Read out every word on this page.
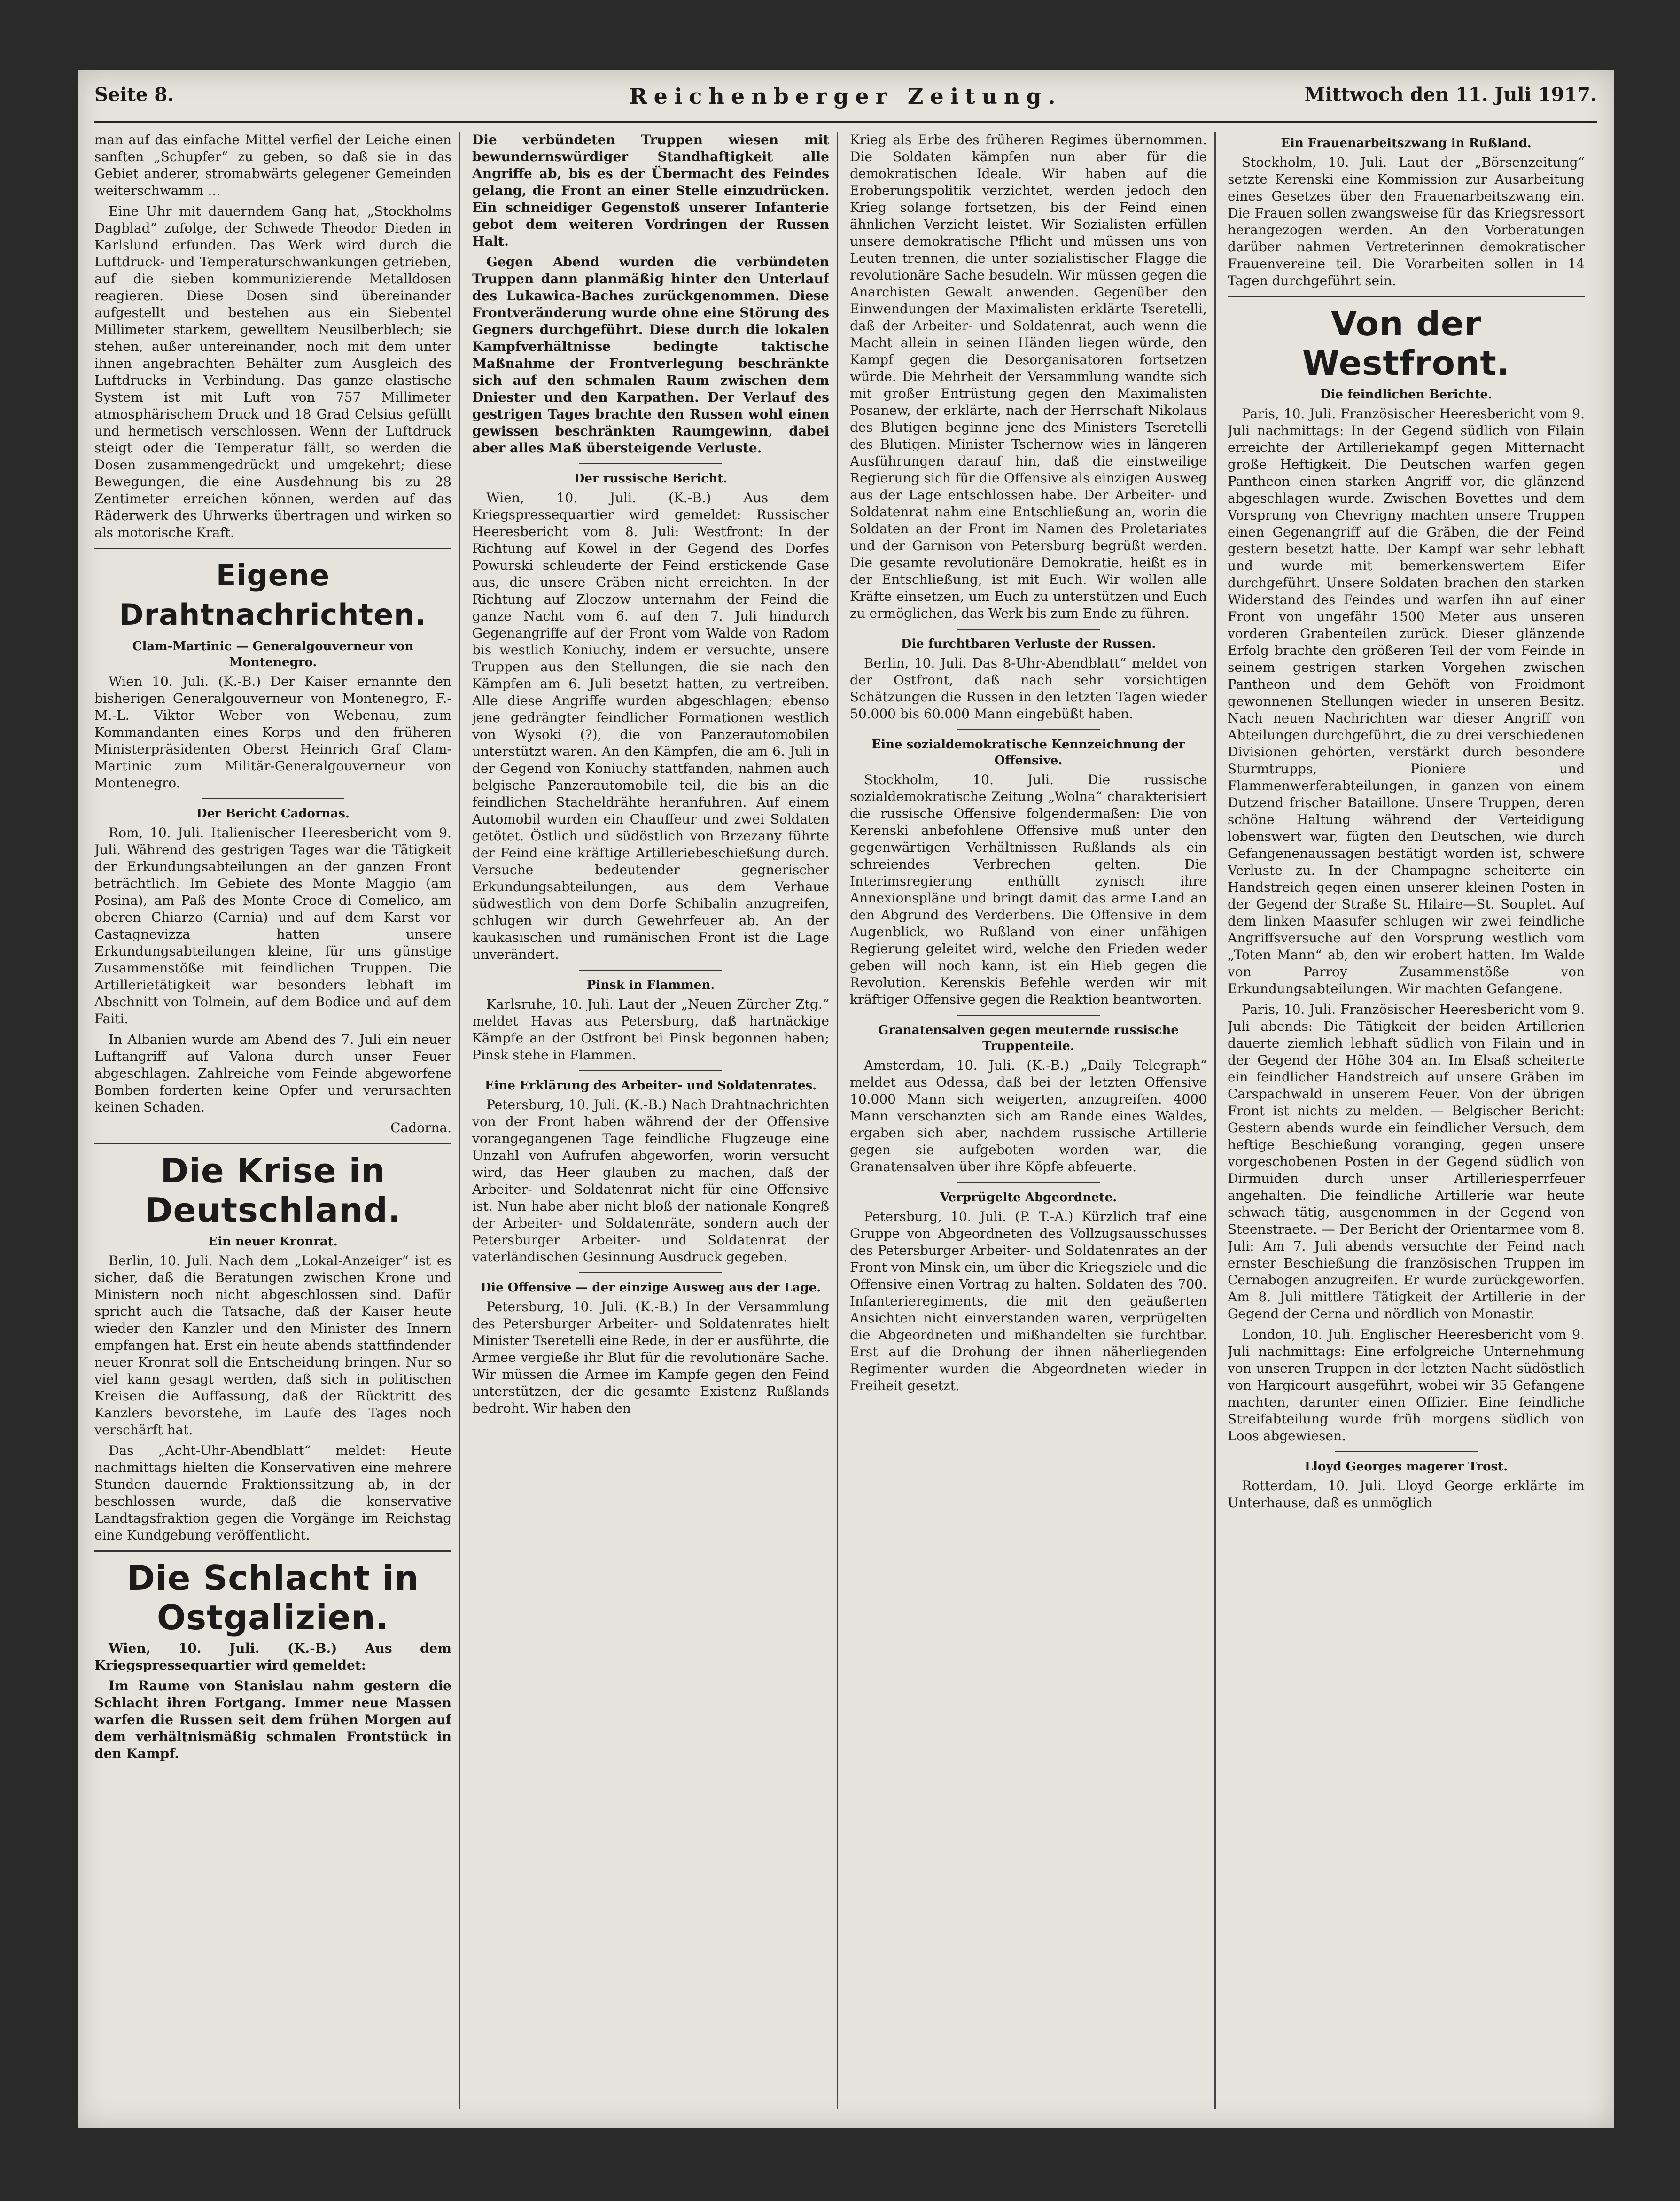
Seite 8.	Reichenberger Zeitung.	Mittwoch den 11. Juli 1917.

man auf das einfache Mittel verfiel der Leiche einen sanften „Schupfer“ zu geben, so daß sie in das Gebiet anderer, stromabwärts gelegener Gemeinden weiterschwamm ...

Eine Uhr mit dauerndem Gang hat, „Stockholms Dagblad“ zufolge, der Schwede Theodor Dieden in Karlslund erfunden. Das Werk wird durch die Luftdruck- und Temperaturschwankungen getrieben, auf die sieben kommunizierende Metalldosen reagieren. Diese Dosen sind übereinander aufgestellt und bestehen aus ein Siebentel Millimeter starkem, gewelltem Neusilberblech; sie stehen, außer untereinander, noch mit dem unter ihnen angebrachten Behälter zum Ausgleich des Luftdrucks in Verbindung. Das ganze elastische System ist mit Luft von 757 Millimeter atmosphärischem Druck und 18 Grad Celsius gefüllt und hermetisch verschlossen. Wenn der Luftdruck steigt oder die Temperatur fällt, so werden die Dosen zusammengedrückt und umgekehrt; diese Bewegungen, die eine Ausdehnung bis zu 28 Zentimeter erreichen können, werden auf das Räderwerk des Uhrwerks übertragen und wirken so als motorische Kraft.

Eigene Drahtnachrichten.
Clam-Martinic — Generalgouverneur von Montenegro.

Wien 10. Juli. (K.-B.) Der Kaiser ernannte den bisherigen Generalgouverneur von Montenegro, F.-M.-L. Viktor Weber von Webenau, zum Kommandanten eines Korps und den früheren Ministerpräsidenten Oberst Heinrich Graf Clam-Martinic zum Militär-Generalgouverneur von Montenegro.

Der Bericht Cadornas.

Rom, 10. Juli. Italienischer Heeresbericht vom 9. Juli. Während des gestrigen Tages war die Tätigkeit der Erkundungsabteilungen an der ganzen Front beträchtlich. Im Gebiete des Monte Maggio (am Posina), am Paß des Monte Croce di Comelico, am oberen Chiarzo (Carnia) und auf dem Karst vor Castagnevizza hatten unsere Erkundungsabteilungen kleine, für uns günstige Zusammenstöße mit feindlichen Truppen. Die Artillerietätigkeit war besonders lebhaft im Abschnitt von Tolmein, auf dem Bodice und auf dem Faiti.

In Albanien wurde am Abend des 7. Juli ein neuer Luftangriff auf Valona durch unser Feuer abgeschlagen. Zahlreiche vom Feinde abgeworfene Bomben forderten keine Opfer und verursachten keinen Schaden.

Cadorna.
Die Krise in Deutschland.
Ein neuer Kronrat.

Berlin, 10. Juli. Nach dem „Lokal-Anzeiger“ ist es sicher, daß die Beratungen zwischen Krone und Ministern noch nicht abgeschlossen sind. Dafür spricht auch die Tatsache, daß der Kaiser heute wieder den Kanzler und den Minister des Innern empfangen hat. Erst ein heute abends stattfindender neuer Kronrat soll die Entscheidung bringen. Nur so viel kann gesagt werden, daß sich in politischen Kreisen die Auffassung, daß der Rücktritt des Kanzlers bevorstehe, im Laufe des Tages noch verschärft hat.

Das „Acht-Uhr-Abendblatt“ meldet: Heute nachmittags hielten die Konservativen eine mehrere Stunden dauernde Fraktionssitzung ab, in der beschlossen wurde, daß die konservative Landtagsfraktion gegen die Vorgänge im Reichstag eine Kundgebung veröffentlicht.

Die Schlacht in Ostgalizien.

Wien, 10. Juli. (K.-B.) Aus dem Kriegspressequartier wird gemeldet:

Im Raume von Stanislau nahm gestern die Schlacht ihren Fortgang. Immer neue Massen warfen die Russen seit dem frühen Morgen auf dem verhältnismäßig schmalen Frontstück in den Kampf.

Die verbündeten Truppen wiesen mit bewundernswürdiger Standhaftigkeit alle Angriffe ab, bis es der Übermacht des Feindes gelang, die Front an einer Stelle einzudrücken. Ein schneidiger Gegenstoß unserer Infanterie gebot dem weiteren Vordringen der Russen Halt.

Gegen Abend wurden die verbündeten Truppen dann planmäßig hinter den Unterlauf des Lukawica-Baches zurückgenommen. Diese Frontveränderung wurde ohne eine Störung des Gegners durchgeführt. Diese durch die lokalen Kampfverhältnisse bedingte taktische Maßnahme der Frontverlegung beschränkte sich auf den schmalen Raum zwischen dem Dniester und den Karpathen. Der Verlauf des gestrigen Tages brachte den Russen wohl einen gewissen beschränkten Raumgewinn, dabei aber alles Maß übersteigende Verluste.

Der russische Bericht.

Wien, 10. Juli. (K.-B.) Aus dem Kriegspressequartier wird gemeldet: Russischer Heeresbericht vom 8. Juli: Westfront: In der Richtung auf Kowel in der Gegend des Dorfes Powurski schleuderte der Feind erstickende Gase aus, die unsere Gräben nicht erreichten. In der Richtung auf Zloczow unternahm der Feind die ganze Nacht vom 6. auf den 7. Juli hindurch Gegenangriffe auf der Front vom Walde von Radom bis westlich Koniuchy, indem er versuchte, unsere Truppen aus den Stellungen, die sie nach den Kämpfen am 6. Juli besetzt hatten, zu vertreiben. Alle diese Angriffe wurden abgeschlagen; ebenso jene gedrängter feindlicher Formationen westlich von Wysoki (?), die von Panzerautomobilen unterstützt waren. An den Kämpfen, die am 6. Juli in der Gegend von Koniuchy stattfanden, nahmen auch belgische Panzerautomobile teil, die bis an die feindlichen Stacheldrähte heranfuhren. Auf einem Automobil wurden ein Chauffeur und zwei Soldaten getötet. Östlich und südöstlich von Brzezany führte der Feind eine kräftige Artilleriebeschießung durch. Versuche bedeutender gegnerischer Erkundungsabteilungen, aus dem Verhaue südwestlich von dem Dorfe Schibalin anzugreifen, schlugen wir durch Gewehrfeuer ab. An der kaukasischen und rumänischen Front ist die Lage unverändert.

Pinsk in Flammen.

Karlsruhe, 10. Juli. Laut der „Neuen Zürcher Ztg.“ meldet Havas aus Petersburg, daß hartnäckige Kämpfe an der Ostfront bei Pinsk begonnen haben; Pinsk stehe in Flammen.

Eine Erklärung des Arbeiter- und Soldatenrates.

Petersburg, 10. Juli. (K.-B.) Nach Drahtnachrichten von der Front haben während der der Offensive vorangegangenen Tage feindliche Flugzeuge eine Unzahl von Aufrufen abgeworfen, worin versucht wird, das Heer glauben zu machen, daß der Arbeiter- und Soldatenrat nicht für eine Offensive ist. Nun habe aber nicht bloß der nationale Kongreß der Arbeiter- und Soldatenräte, sondern auch der Petersburger Arbeiter- und Soldatenrat der vaterländischen Gesinnung Ausdruck gegeben.

Die Offensive — der einzige Ausweg aus der Lage.

Petersburg, 10. Juli. (K.-B.) In der Versammlung des Petersburger Arbeiter- und Soldatenrates hielt Minister Tseretelli eine Rede, in der er ausführte, die Armee vergieße ihr Blut für die revolutionäre Sache. Wir müssen die Armee im Kampfe gegen den Feind unterstützen, der die gesamte Existenz Rußlands bedroht. Wir haben den

Krieg als Erbe des früheren Regimes übernommen. Die Soldaten kämpfen nun aber für die demokratischen Ideale. Wir haben auf die Eroberungspolitik verzichtet, werden jedoch den Krieg solange fortsetzen, bis der Feind einen ähnlichen Verzicht leistet. Wir Sozialisten erfüllen unsere demokratische Pflicht und müssen uns von Leuten trennen, die unter sozialistischer Flagge die revolutionäre Sache besudeln. Wir müssen gegen die Anarchisten Gewalt anwenden. Gegenüber den Einwendungen der Maximalisten erklärte Tseretelli, daß der Arbeiter- und Soldatenrat, auch wenn die Macht allein in seinen Händen liegen würde, den Kampf gegen die Desorganisatoren fortsetzen würde. Die Mehrheit der Versammlung wandte sich mit großer Entrüstung gegen den Maximalisten Posanew, der erklärte, nach der Herrschaft Nikolaus des Blutigen beginne jene des Ministers Tseretelli des Blutigen. Minister Tschernow wies in längeren Ausführungen darauf hin, daß die einstweilige Regierung sich für die Offensive als einzigen Ausweg aus der Lage entschlossen habe. Der Arbeiter- und Soldatenrat nahm eine Entschließung an, worin die Soldaten an der Front im Namen des Proletariates und der Garnison von Petersburg begrüßt werden. Die gesamte revolutionäre Demokratie, heißt es in der Entschließung, ist mit Euch. Wir wollen alle Kräfte einsetzen, um Euch zu unterstützen und Euch zu ermöglichen, das Werk bis zum Ende zu führen.

Die furchtbaren Verluste der Russen.

Berlin, 10. Juli. Das 8-Uhr-Abendblatt“ meldet von der Ostfront, daß nach sehr vorsichtigen Schätzungen die Russen in den letzten Tagen wieder 50.000 bis 60.000 Mann eingebüßt haben.

Eine sozialdemokratische Kennzeichnung der Offensive.

Stockholm, 10. Juli. Die russische sozialdemokratische Zeitung „Wolna“ charakterisiert die russische Offensive folgendermaßen: Die von Kerenski anbefohlene Offensive muß unter den gegenwärtigen Verhältnissen Rußlands als ein schreiendes Verbrechen gelten. Die Interimsregierung enthüllt zynisch ihre Annexionspläne und bringt damit das arme Land an den Abgrund des Verderbens. Die Offensive in dem Augenblick, wo Rußland von einer unfähigen Regierung geleitet wird, welche den Frieden weder geben will noch kann, ist ein Hieb gegen die Revolution. Kerenskis Befehle werden wir mit kräftiger Offensive gegen die Reaktion beantworten.

Granatensalven gegen meuternde russische Truppenteile.

Amsterdam, 10. Juli. (K.-B.) „Daily Telegraph“ meldet aus Odessa, daß bei der letzten Offensive 10.000 Mann sich weigerten, anzugreifen. 4000 Mann verschanzten sich am Rande eines Waldes, ergaben sich aber, nachdem russische Artillerie gegen sie aufgeboten worden war, die Granatensalven über ihre Köpfe abfeuerte.

Verprügelte Abgeordnete.

Petersburg, 10. Juli. (P. T.-A.) Kürzlich traf eine Gruppe von Abgeordneten des Vollzugsausschusses des Petersburger Arbeiter- und Soldatenrates an der Front von Minsk ein, um über die Kriegsziele und die Offensive einen Vortrag zu halten. Soldaten des 700. Infanterieregiments, die mit den geäußerten Ansichten nicht einverstanden waren, verprügelten die Abgeordneten und mißhandelten sie furchtbar. Erst auf die Drohung der ihnen näherliegenden Regimenter wurden die Abgeordneten wieder in Freiheit gesetzt.

Ein Frauenarbeitszwang in Rußland.

Stockholm, 10. Juli. Laut der „Börsenzeitung“ setzte Kerenski eine Kommission zur Ausarbeitung eines Gesetzes über den Frauenarbeitszwang ein. Die Frauen sollen zwangsweise für das Kriegsressort herangezogen werden. An den Vorberatungen darüber nahmen Vertreterinnen demokratischer Frauenvereine teil. Die Vorarbeiten sollen in 14 Tagen durchgeführt sein.

Von der Westfront.
Die feindlichen Berichte.

Paris, 10. Juli. Französischer Heeresbericht vom 9. Juli nachmittags: In der Gegend südlich von Filain erreichte der Artilleriekampf gegen Mitternacht große Heftigkeit. Die Deutschen warfen gegen Pantheon einen starken Angriff vor, die glänzend abgeschlagen wurde. Zwischen Bovettes und dem Vorsprung von Chevrigny machten unsere Truppen einen Gegenangriff auf die Gräben, die der Feind gestern besetzt hatte. Der Kampf war sehr lebhaft und wurde mit bemerkenswertem Eifer durchgeführt. Unsere Soldaten brachen den starken Widerstand des Feindes und warfen ihn auf einer Front von ungefähr 1500 Meter aus unseren vorderen Grabenteilen zurück. Dieser glänzende Erfolg brachte den größeren Teil der vom Feinde in seinem gestrigen starken Vorgehen zwischen Pantheon und dem Gehöft von Froidmont gewonnenen Stellungen wieder in unseren Besitz. Nach neuen Nachrichten war dieser Angriff von Abteilungen durchgeführt, die zu drei verschiedenen Divisionen gehörten, verstärkt durch besondere Sturmtrupps, Pioniere und Flammenwerferabteilungen, in ganzen von einem Dutzend frischer Bataillone. Unsere Truppen, deren schöne Haltung während der Verteidigung lobenswert war, fügten den Deutschen, wie durch Gefangenenaussagen bestätigt worden ist, schwere Verluste zu. In der Champagne scheiterte ein Handstreich gegen einen unserer kleinen Posten in der Gegend der Straße St. Hilaire—St. Souplet. Auf dem linken Maasufer schlugen wir zwei feindliche Angriffsversuche auf den Vorsprung westlich vom „Toten Mann“ ab, den wir erobert hatten. Im Walde von Parroy Zusammenstöße von Erkundungsabteilungen. Wir machten Gefangene.

Paris, 10. Juli. Französischer Heeresbericht vom 9. Juli abends: Die Tätigkeit der beiden Artillerien dauerte ziemlich lebhaft südlich von Filain und in der Gegend der Höhe 304 an. Im Elsaß scheiterte ein feindlicher Handstreich auf unsere Gräben im Carspachwald in unserem Feuer. Von der übrigen Front ist nichts zu melden. — Belgischer Bericht: Gestern abends wurde ein feindlicher Versuch, dem heftige Beschießung voranging, gegen unsere vorgeschobenen Posten in der Gegend südlich von Dirmuiden durch unser Artilleriesperrfeuer angehalten. Die feindliche Artillerie war heute schwach tätig, ausgenommen in der Gegend von Steenstraete. — Der Bericht der Orientarmee vom 8. Juli: Am 7. Juli abends versuchte der Feind nach ernster Beschießung die französischen Truppen im Cernabogen anzugreifen. Er wurde zurückgeworfen. Am 8. Juli mittlere Tätigkeit der Artillerie in der Gegend der Cerna und nördlich von Monastir.

London, 10. Juli. Englischer Heeresbericht vom 9. Juli nachmittags: Eine erfolgreiche Unternehmung von unseren Truppen in der letzten Nacht südöstlich von Hargicourt ausgeführt, wobei wir 35 Gefangene machten, darunter einen Offizier. Eine feindliche Streifabteilung wurde früh morgens südlich von Loos abgewiesen.

Lloyd Georges magerer Trost.

Rotterdam, 10. Juli. Lloyd George erklärte im Unterhause, daß es unmöglich
